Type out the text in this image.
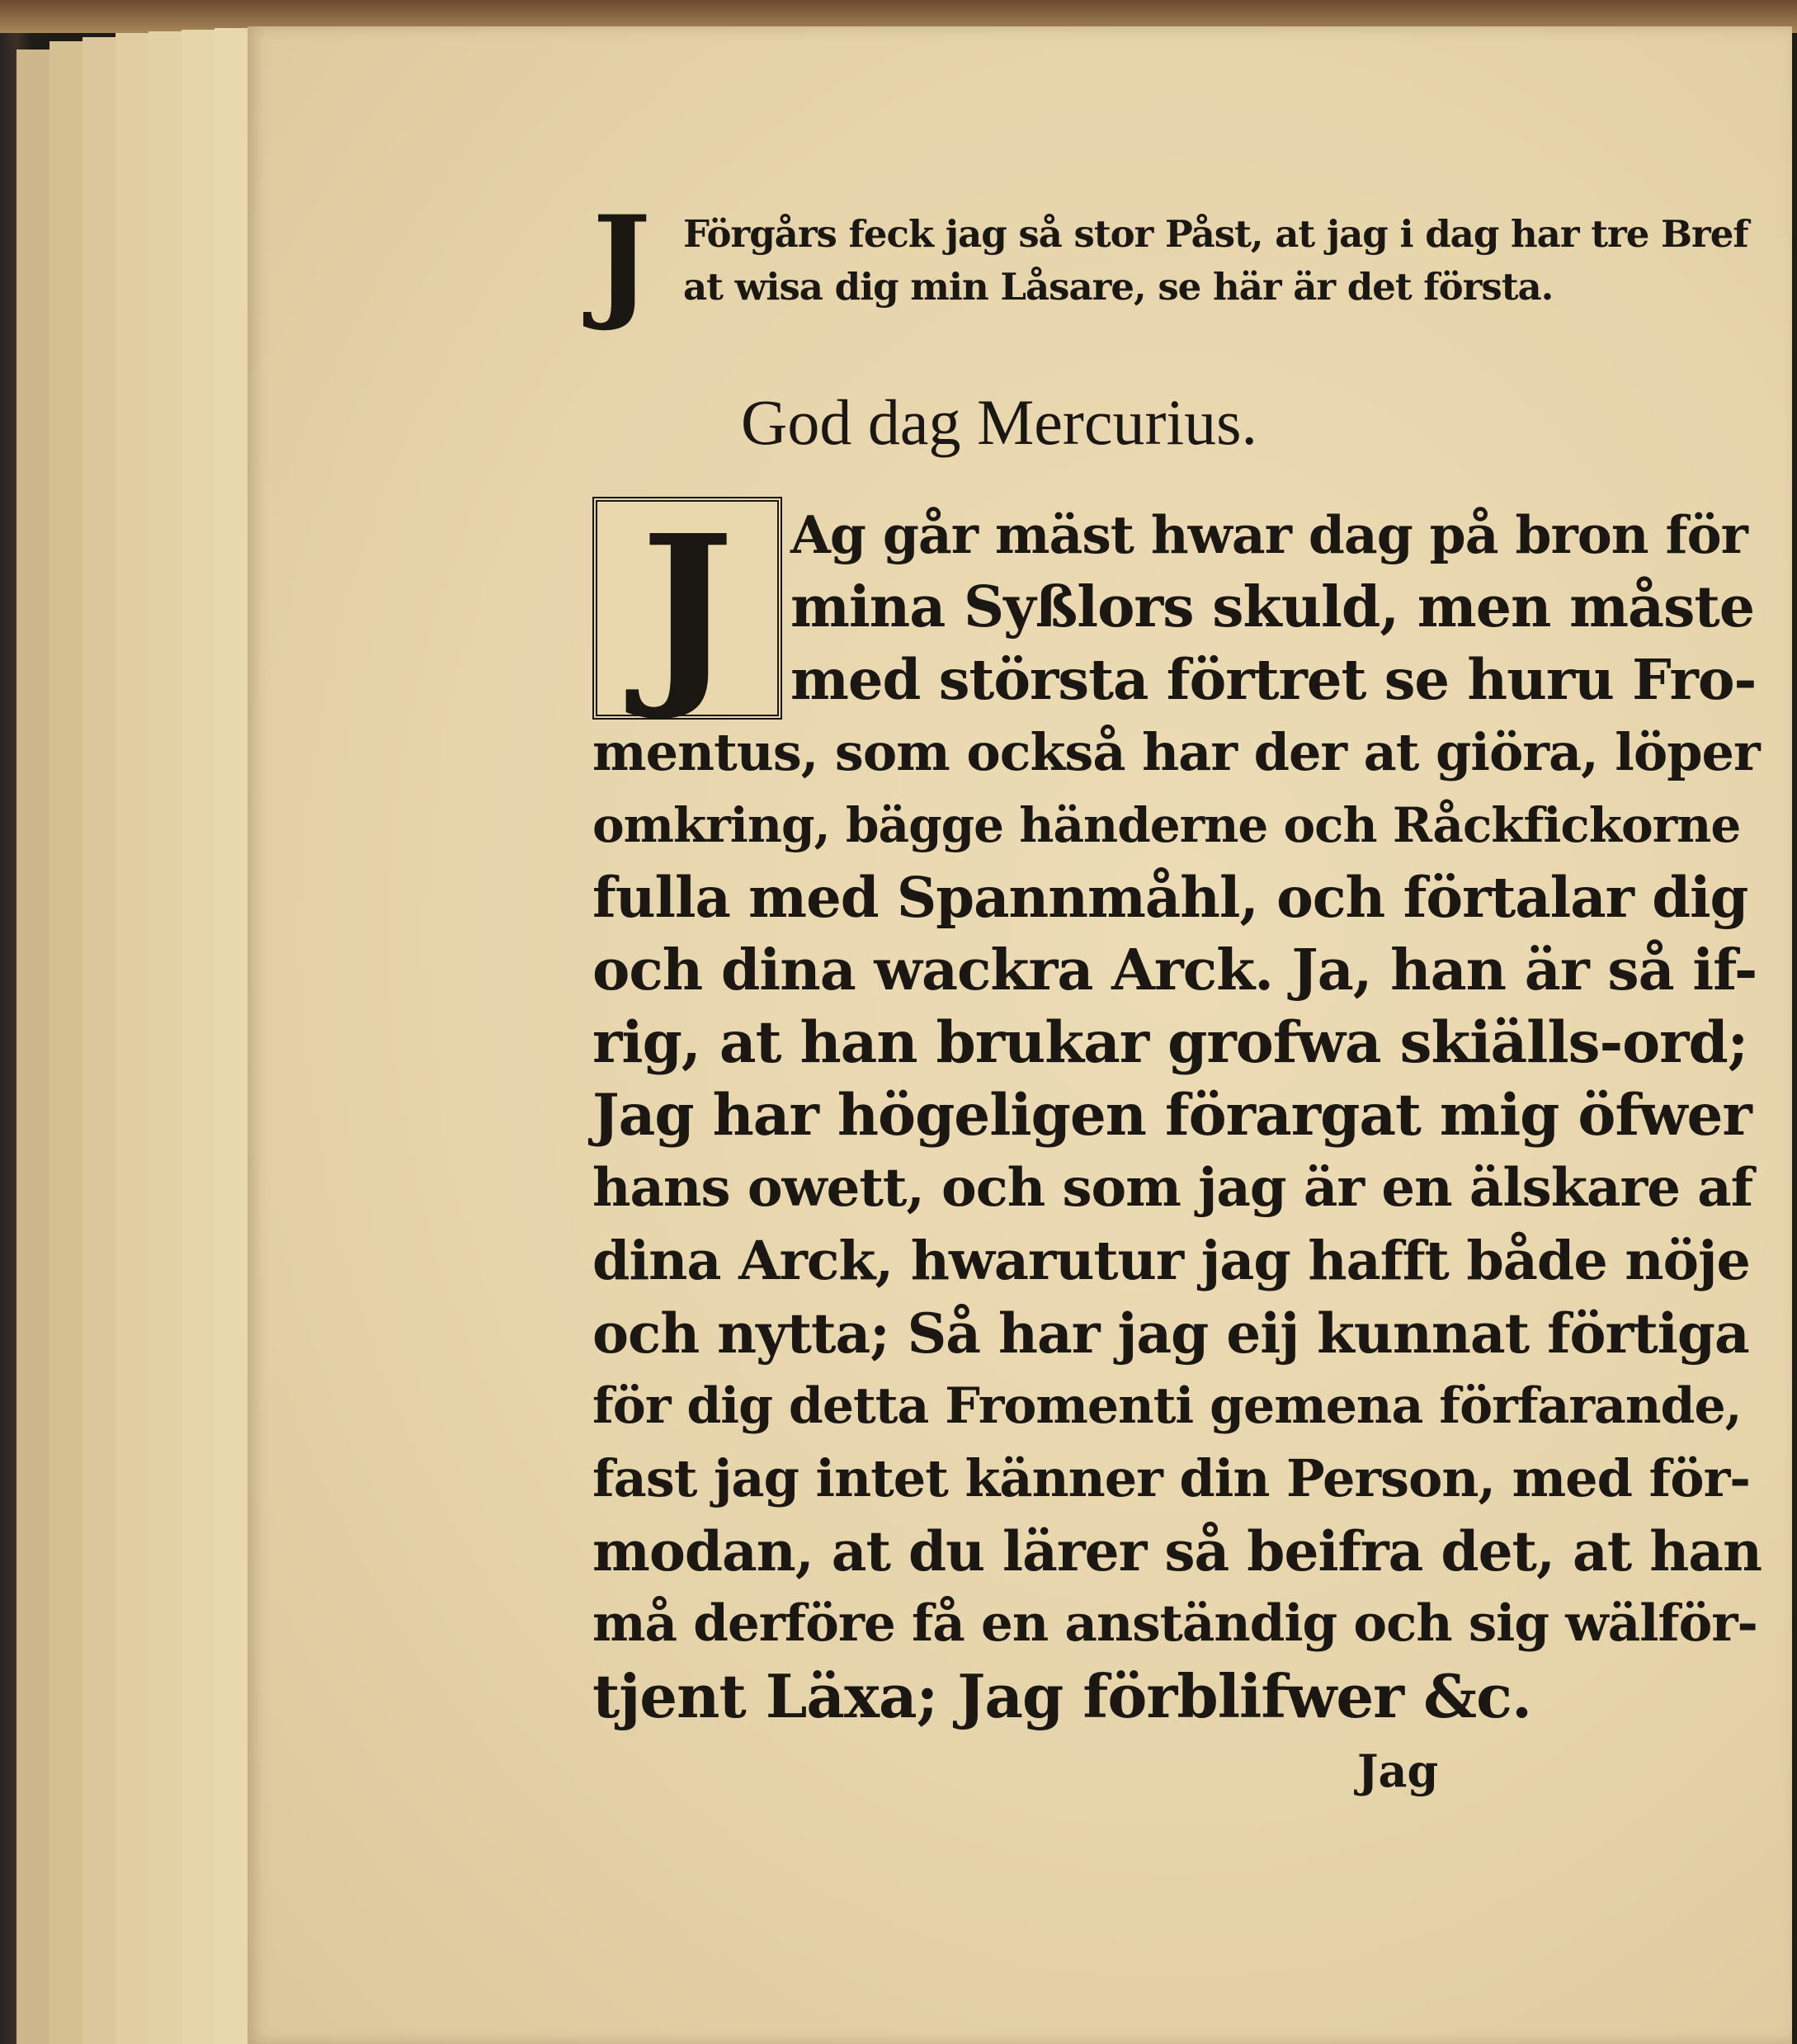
J Förgårs feck jag så stor Påst, at jag i dag har tre Bref
at wisa dig min Låsare, se här är det första.
God dag Mercurius.
J	Ag går mäst hwar dag på bron för
mina Syßlors skuld, men måste
med största förtret se huru Fro-
mentus, som också har der at giöra, löper
omkring, bägge händerne och Råckfickorne
fulla med Spannmåhl, och förtalar dig
och dina wackra Arck. Ja, han är så if-
rig, at han brukar grofwa skiälls-ord;
Jag har högeligen förargat mig öfwer
hans owett, och som jag är en älskare af
dina Arck, hwarutur jag hafft både nöje
och nytta; Så har jag eij kunnat förtiga
för dig detta Fromenti gemena förfarande,
fast jag intet känner din Person, med för-
modan, at du lärer så beifra det, at han
må derföre få en anständig och sig wälför-
tjent Läxa; Jag förblifwer &c.
Jag
